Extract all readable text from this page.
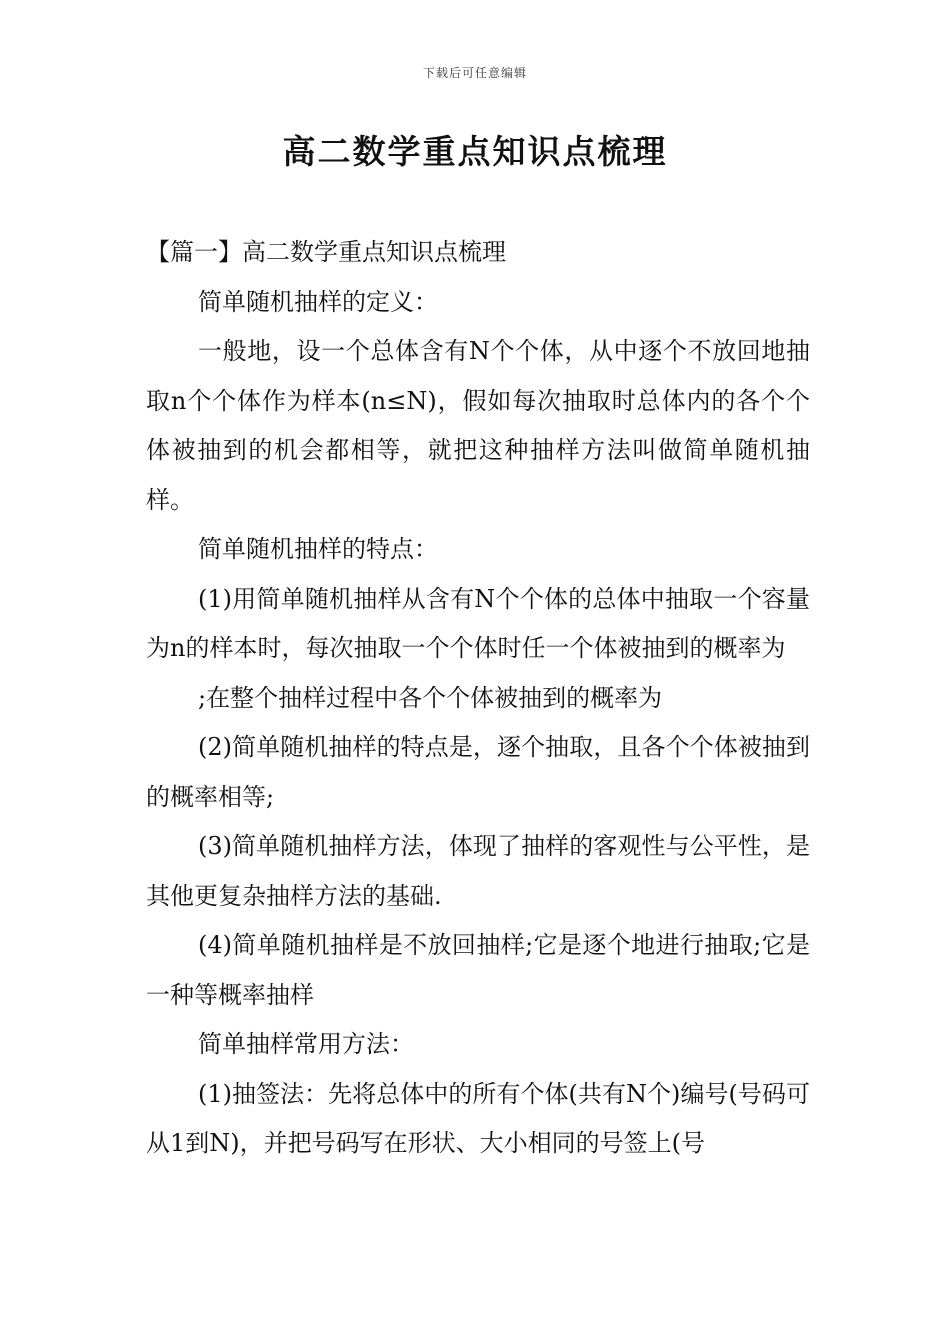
下载后可任意编辑
高二数学重点知识点梳理

【篇一】高二数学重点知识点梳理

简单随机抽样的定义：

一般地，设一个总体含有N个个体，从中逐个不放回地抽取n个个体作为样本(n≤N)，假如每次抽取时总体内的各个个体被抽到的机会都相等，就把这种抽样方法叫做简单随机抽样。

简单随机抽样的特点：

(1)用简单随机抽样从含有N个个体的总体中抽取一个容量为n的样本时，每次抽取一个个体时任一个体被抽到的概率为

;在整个抽样过程中各个个体被抽到的概率为

(2)简单随机抽样的特点是，逐个抽取，且各个个体被抽到的概率相等;

(3)简单随机抽样方法，体现了抽样的客观性与公平性，是其他更复杂抽样方法的基础.

(4)简单随机抽样是不放回抽样;它是逐个地进行抽取;它是一种等概率抽样

简单抽样常用方法：

(1)抽签法：先将总体中的所有个体(共有N个)编号(号码可从1到N)，并把号码写在形状、大小相同的号签上(号
